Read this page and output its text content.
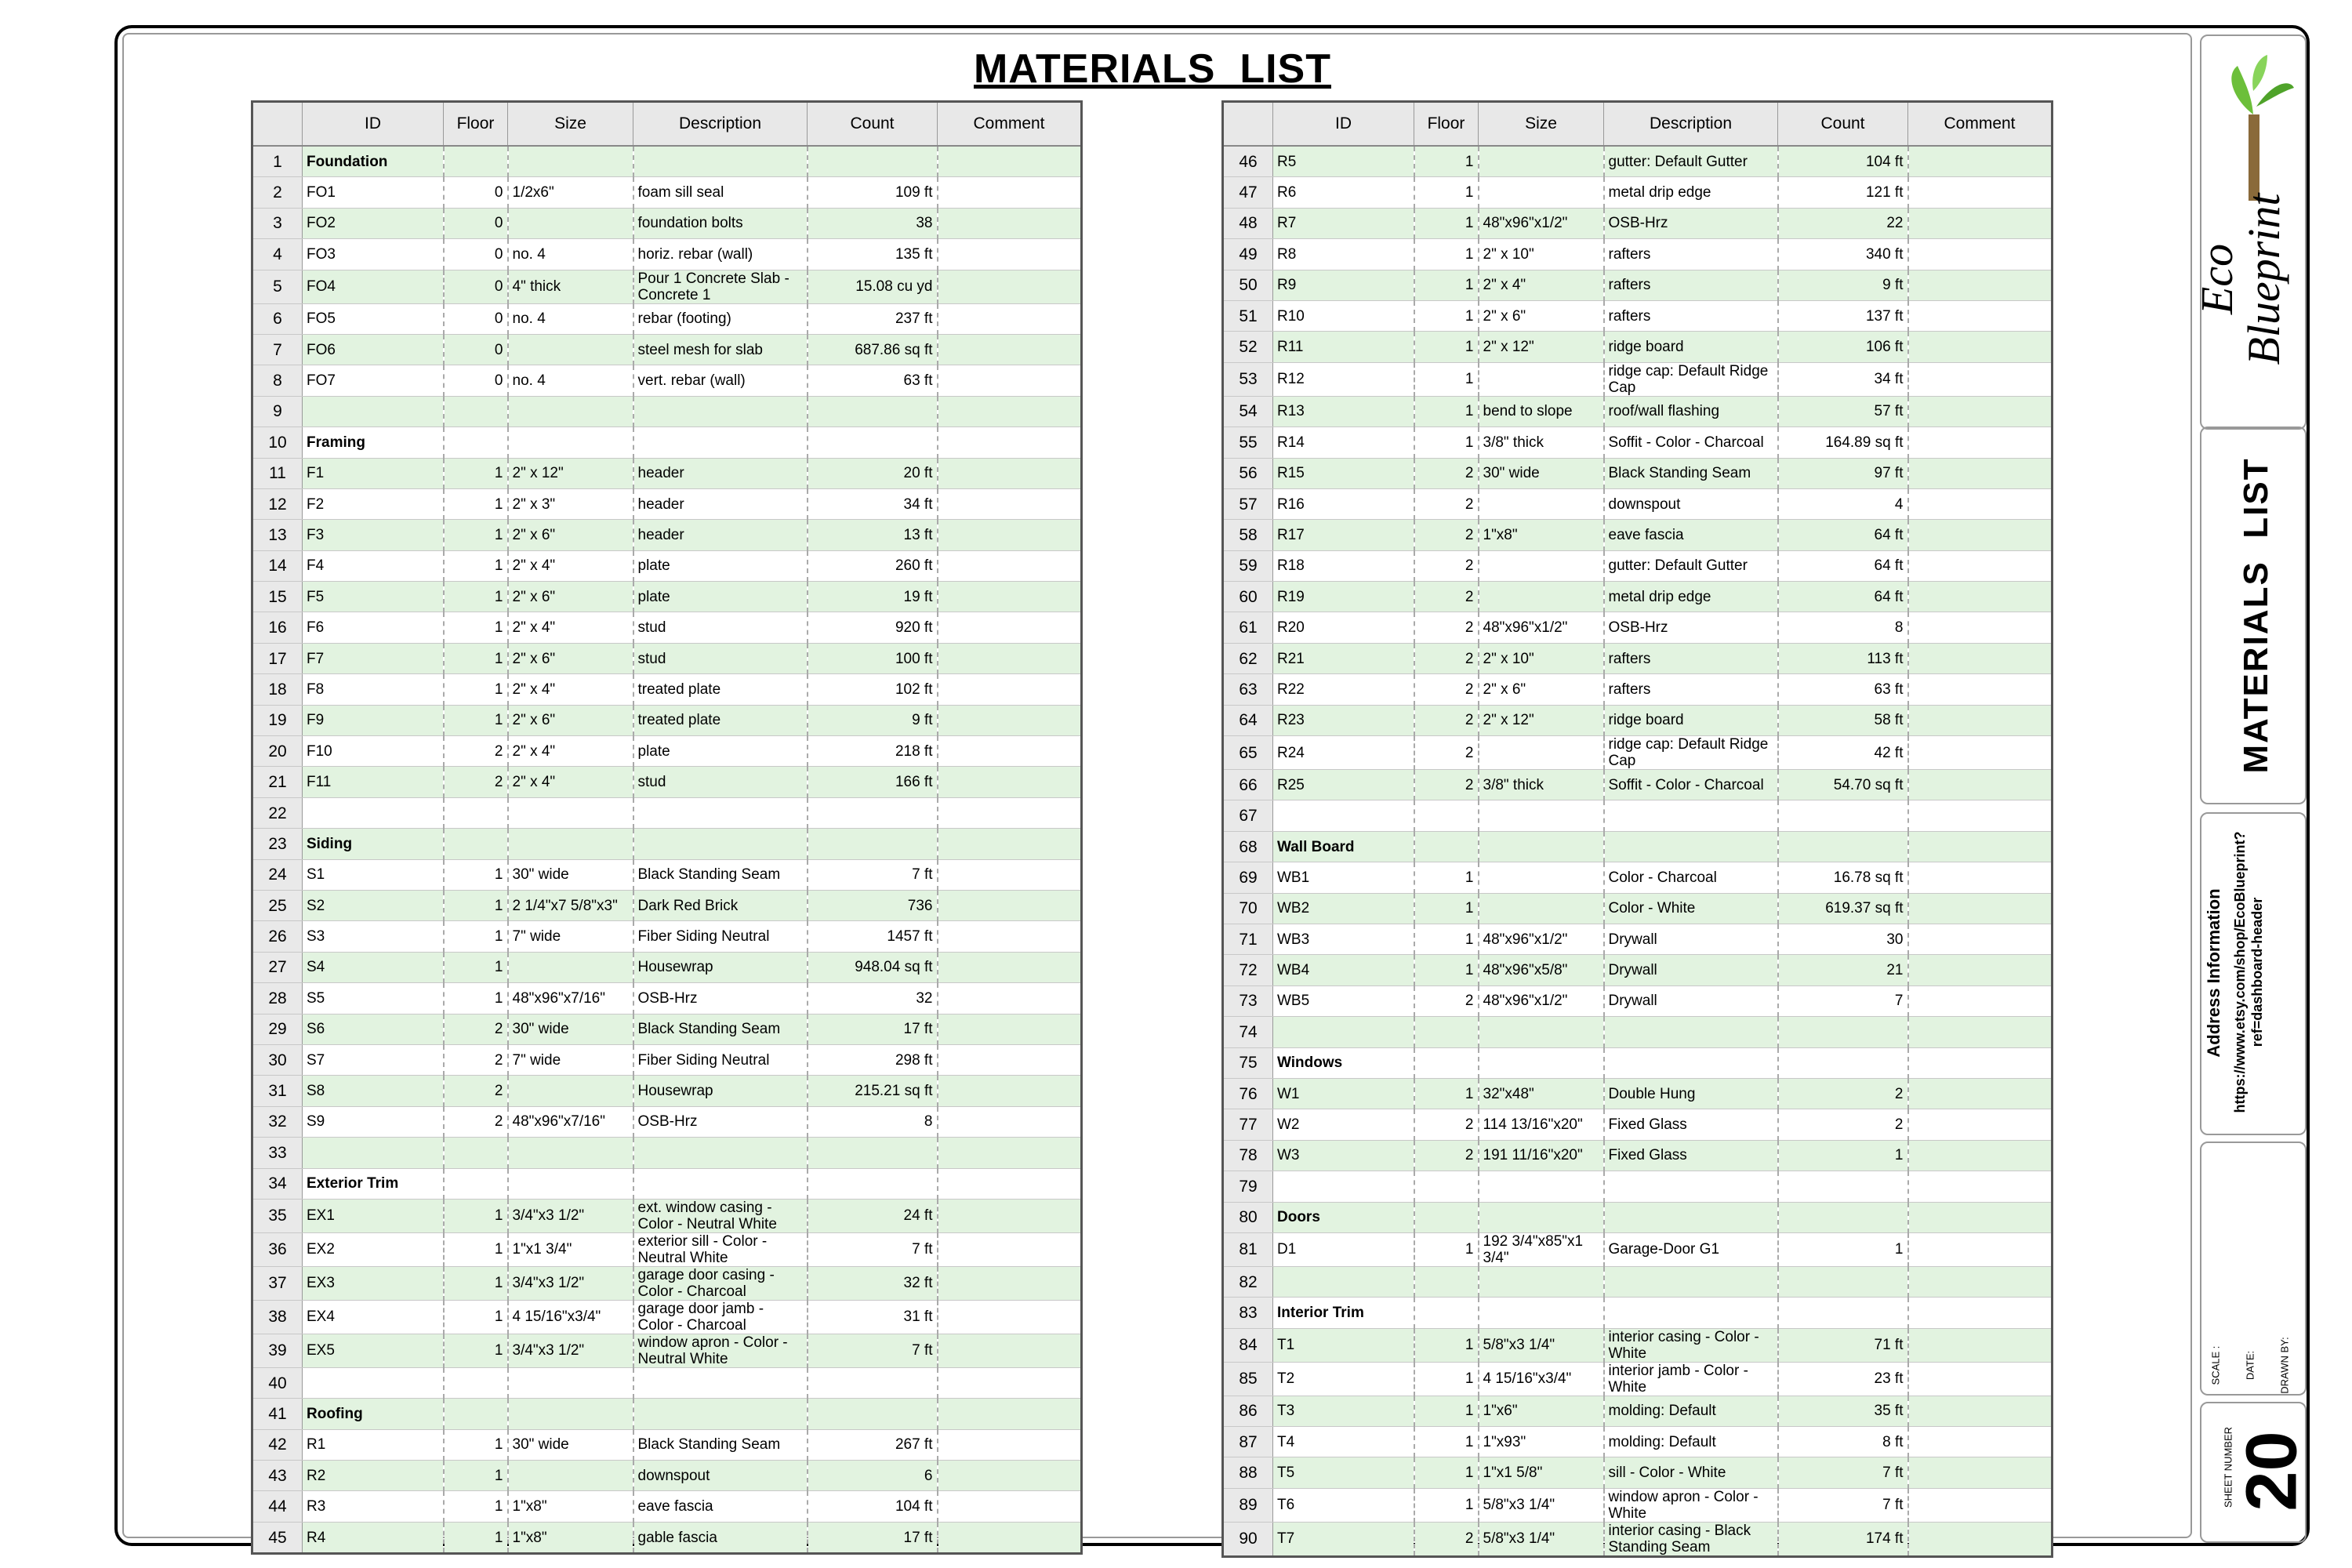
MATERIALS  LIST
	ID	Floor	Size	Description	Count	Comment
1	Foundation					
2	FO1	0	1/2x6"	foam sill seal	109 ft	
3	FO2	0		foundation bolts	38	
4	FO3	0	no. 4	horiz. rebar (wall)	135 ft	
5	FO4	0	4" thick	Pour 1 Concrete Slab - Concrete 1	15.08 cu yd	
6	FO5	0	no. 4	rebar (footing)	237 ft	
7	FO6	0		steel mesh for slab	687.86 sq ft	
8	FO7	0	no. 4	vert. rebar (wall)	63 ft	
9						
10	Framing					
11	F1	1	2" x 12"	header	20 ft	
12	F2	1	2" x 3"	header	34 ft	
13	F3	1	2" x 6"	header	13 ft	
14	F4	1	2" x 4"	plate	260 ft	
15	F5	1	2" x 6"	plate	19 ft	
16	F6	1	2" x 4"	stud	920 ft	
17	F7	1	2" x 6"	stud	100 ft	
18	F8	1	2" x 4"	treated plate	102 ft	
19	F9	1	2" x 6"	treated plate	9 ft	
20	F10	2	2" x 4"	plate	218 ft	
21	F11	2	2" x 4"	stud	166 ft	
22						
23	Siding					
24	S1	1	30" wide	Black Standing Seam	7 ft	
25	S2	1	2 1/4"x7 5/8"x3"	Dark Red Brick	736	
26	S3	1	7" wide	Fiber Siding Neutral	1457 ft	
27	S4	1		Housewrap	948.04 sq ft	
28	S5	1	48"x96"x7/16"	OSB-Hrz	32	
29	S6	2	30" wide	Black Standing Seam	17 ft	
30	S7	2	7" wide	Fiber Siding Neutral	298 ft	
31	S8	2		Housewrap	215.21 sq ft	
32	S9	2	48"x96"x7/16"	OSB-Hrz	8	
33						
34	Exterior Trim					
35	EX1	1	3/4"x3 1/2"	ext. window casing - Color - Neutral White	24 ft	
36	EX2	1	1"x1 3/4"	exterior sill - Color - Neutral White	7 ft	
37	EX3	1	3/4"x3 1/2"	garage door casing - Color - Charcoal	32 ft	
38	EX4	1	4 15/16"x3/4"	garage door jamb - Color - Charcoal	31 ft	
39	EX5	1	3/4"x3 1/2"	window apron - Color - Neutral White	7 ft	
40						
41	Roofing					
42	R1	1	30" wide	Black Standing Seam	267 ft	
43	R2	1		downspout	6	
44	R3	1	1"x8"	eave fascia	104 ft	
45	R4	1	1"x8"	gable fascia	17 ft	
	ID	Floor	Size	Description	Count	Comment
46	R5	1		gutter: Default Gutter	104 ft	
47	R6	1		metal drip edge	121 ft	
48	R7	1	48"x96"x1/2"	OSB-Hrz	22	
49	R8	1	2" x 10"	rafters	340 ft	
50	R9	1	2" x 4"	rafters	9 ft	
51	R10	1	2" x 6"	rafters	137 ft	
52	R11	1	2" x 12"	ridge board	106 ft	
53	R12	1		ridge cap: Default Ridge Cap	34 ft	
54	R13	1	bend to slope	roof/wall flashing	57 ft	
55	R14	1	3/8" thick	Soffit - Color - Charcoal	164.89 sq ft	
56	R15	2	30" wide	Black Standing Seam	97 ft	
57	R16	2		downspout	4	
58	R17	2	1"x8"	eave fascia	64 ft	
59	R18	2		gutter: Default Gutter	64 ft	
60	R19	2		metal drip edge	64 ft	
61	R20	2	48"x96"x1/2"	OSB-Hrz	8	
62	R21	2	2" x 10"	rafters	113 ft	
63	R22	2	2" x 6"	rafters	63 ft	
64	R23	2	2" x 12"	ridge board	58 ft	
65	R24	2		ridge cap: Default Ridge Cap	42 ft	
66	R25	2	3/8" thick	Soffit - Color - Charcoal	54.70 sq ft	
67						
68	Wall Board					
69	WB1	1		Color - Charcoal	16.78 sq ft	
70	WB2	1		Color - White	619.37 sq ft	
71	WB3	1	48"x96"x1/2"	Drywall	30	
72	WB4	1	48"x96"x5/8"	Drywall	21	
73	WB5	2	48"x96"x1/2"	Drywall	7	
74						
75	Windows					
76	W1	1	32"x48"	Double Hung	2	
77	W2	2	114 13/16"x20"	Fixed Glass	2	
78	W3	2	191 11/16"x20"	Fixed Glass	1	
79						
80	Doors					
81	D1	1	192 3/4"x85"x1 3/4"	Garage-Door G1	1	
82						
83	Interior Trim					
84	T1	1	5/8"x3 1/4"	interior casing - Color - White	71 ft	
85	T2	1	4 15/16"x3/4"	interior jamb - Color - White	23 ft	
86	T3	1	1"x6"	molding: Default	35 ft	
87	T4	1	1"x93"	molding: Default	8 ft	
88	T5	1	1"x1 5/8"	sill - Color - White	7 ft	
89	T6	1	5/8"x3 1/4"	window apron - Color - White	7 ft	
90	T7	2	5/8"x3 1/4"	interior casing - Black Standing Seam	174 ft	
Eco
Blueprint
MATERIALS  LIST
Address Information https://www.etsy.com/shop/EcoBlueprint?ref=dashboard-header
SCALE : DATE: DRAWN BY:
SHEET NUMBER
20
